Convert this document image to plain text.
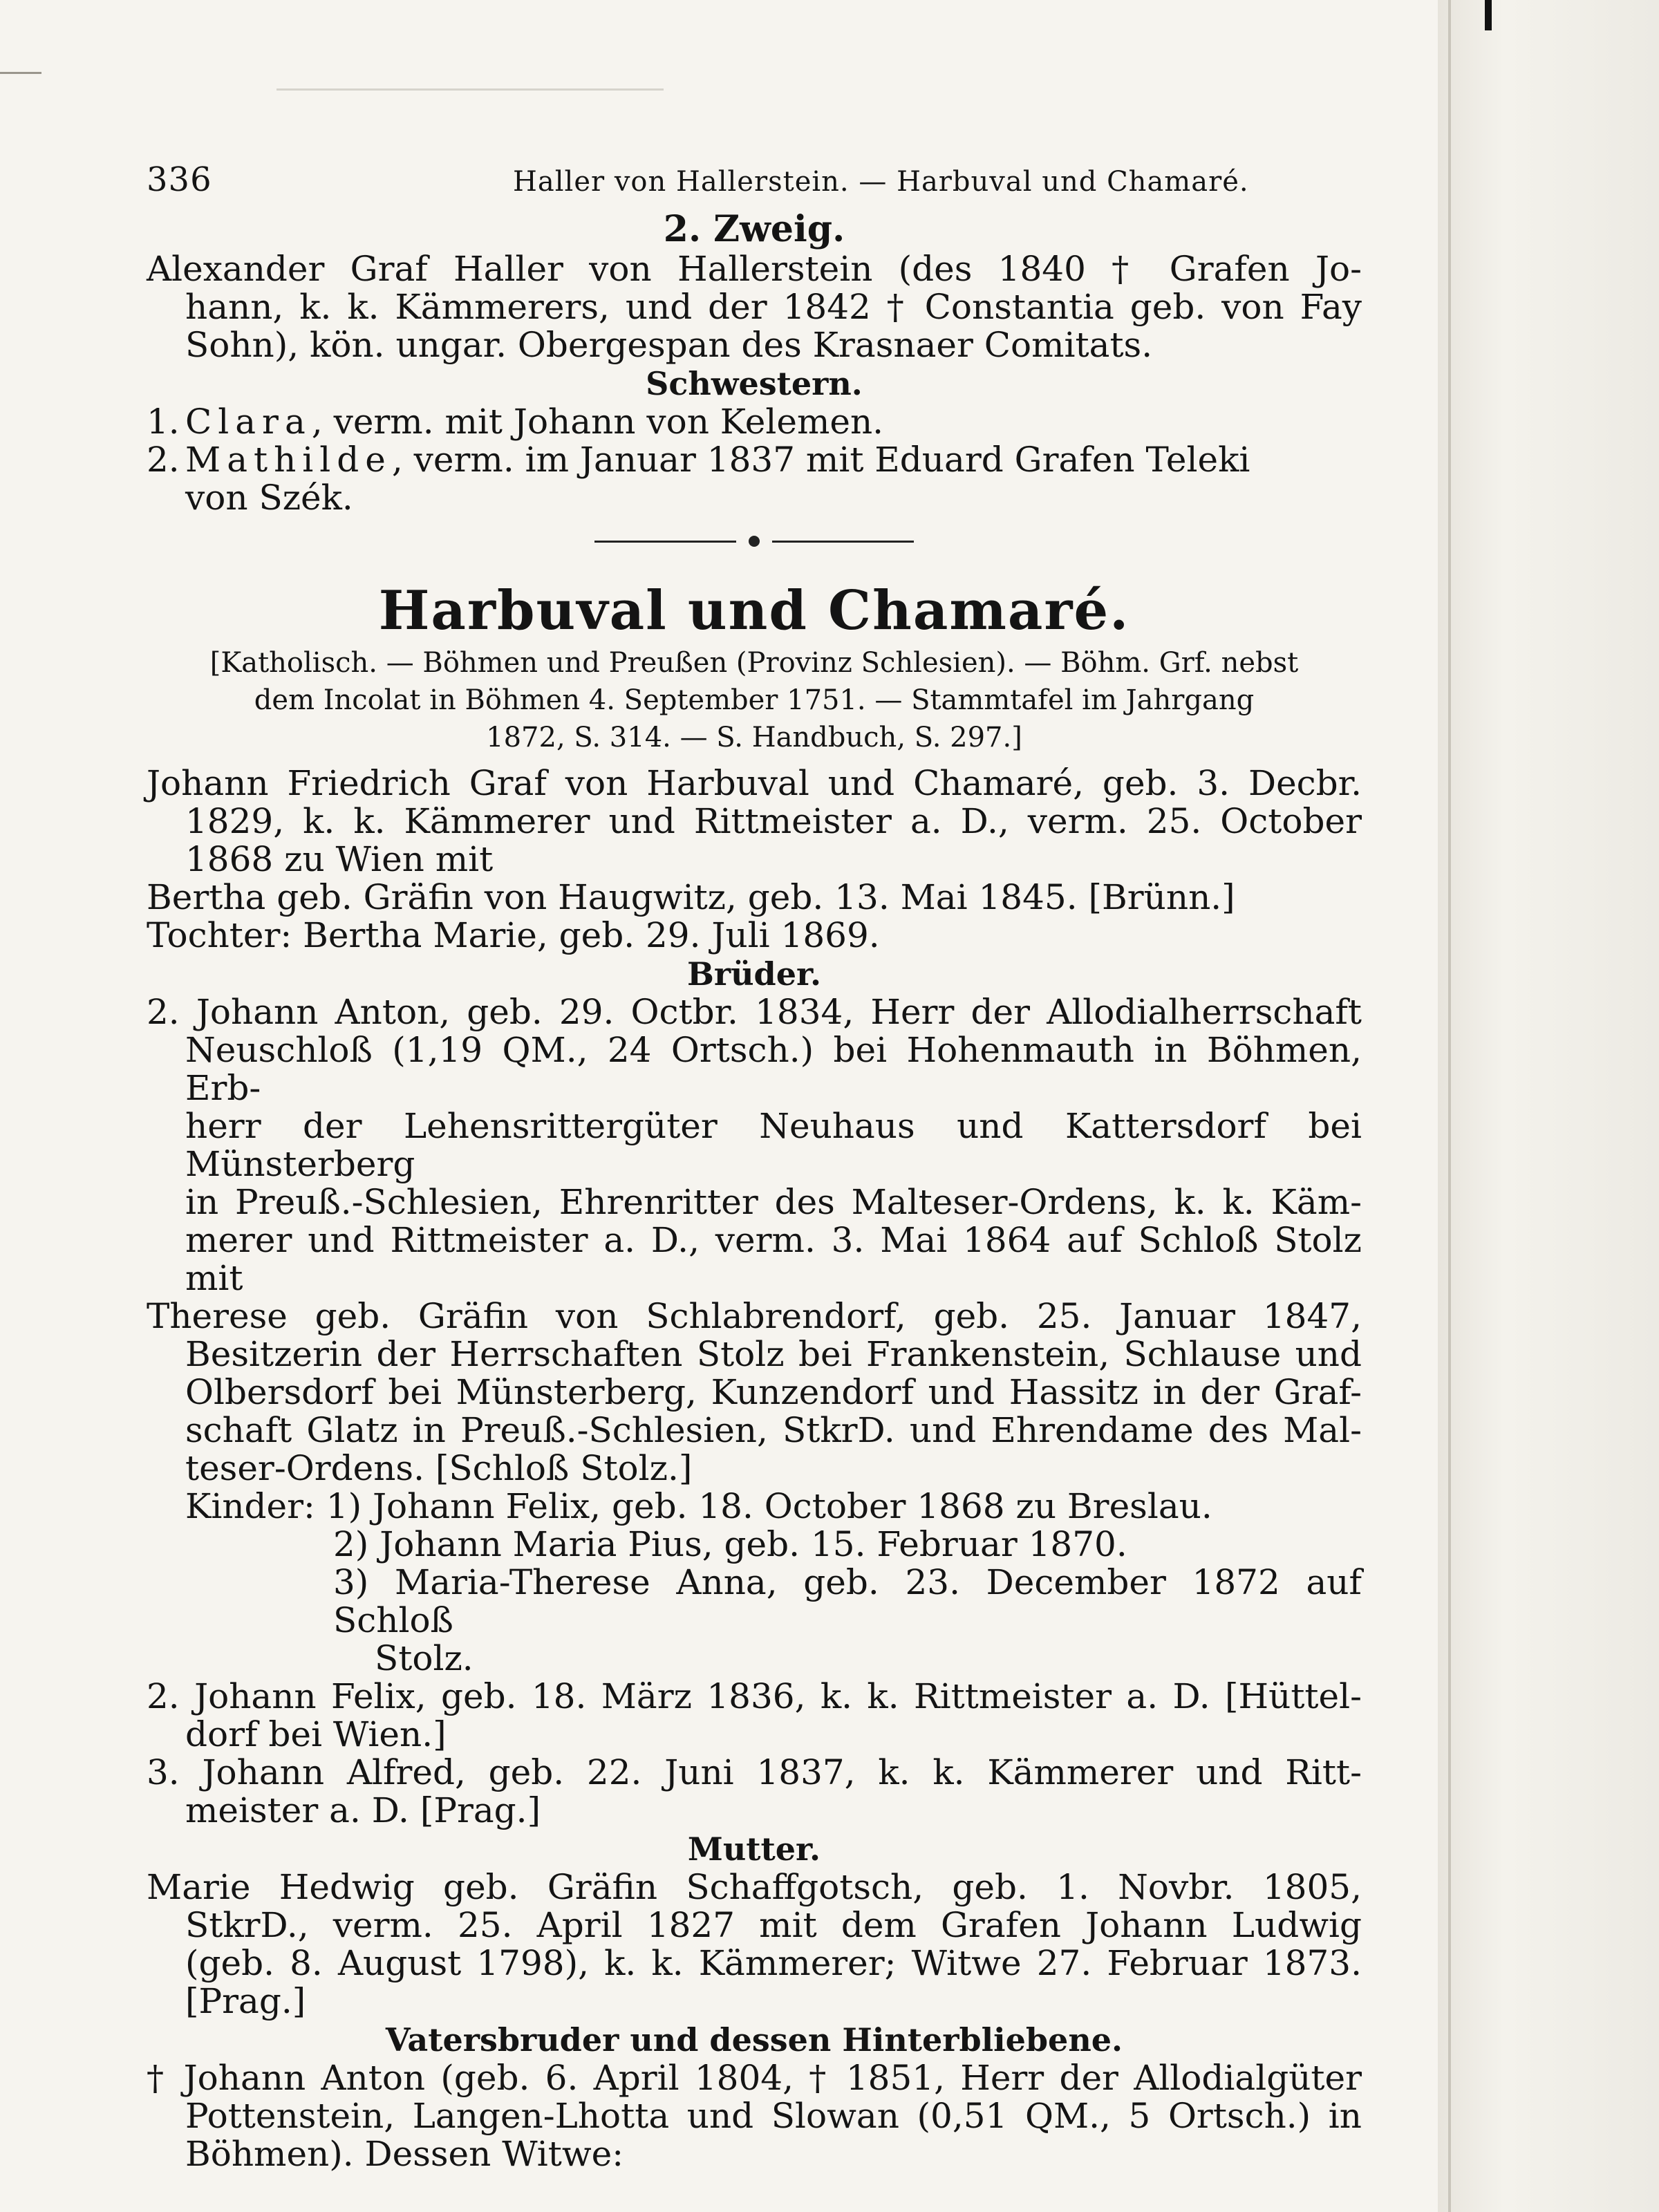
336	Haller von Hallerstein. — Harbuval und Chamaré.
2. Zweig.
Alexander Graf Haller von Hallerstein (des 1840 † Grafen Jo-
hann, k. k. Kämmerers, und der 1842 † Constantia geb. von Fay
Sohn), kön. ungar. Obergespan des Krasnaer Comitats.
Schwestern.
1. Clara, verm. mit Johann von Kelemen.
2. Mathilde, verm. im Januar 1837 mit Eduard Grafen Teleki
von Szék.
Harbuval und Chamaré.
[Katholisch. — Böhmen und Preußen (Provinz Schlesien). — Böhm. Grf. nebst
dem Incolat in Böhmen 4. September 1751. — Stammtafel im Jahrgang
1872, S. 314. — S. Handbuch, S. 297.]
Johann Friedrich Graf von Harbuval und Chamaré, geb. 3. Decbr.
1829, k. k. Kämmerer und Rittmeister a. D., verm. 25. October
1868 zu Wien mit
Bertha geb. Gräfin von Haugwitz, geb. 13. Mai 1845. [Brünn.]
Tochter: Bertha Marie, geb. 29. Juli 1869.
Brüder.
2. Johann Anton, geb. 29. Octbr. 1834, Herr der Allodialherrschaft
Neuschloß (1,19 QM., 24 Ortsch.) bei Hohenmauth in Böhmen, Erb-
herr der Lehensrittergüter Neuhaus und Kattersdorf bei Münsterberg
in Preuß.-Schlesien, Ehrenritter des Malteser-Ordens, k. k. Käm-
merer und Rittmeister a. D., verm. 3. Mai 1864 auf Schloß Stolz
mit
Therese geb. Gräfin von Schlabrendorf, geb. 25. Januar 1847,
Besitzerin der Herrschaften Stolz bei Frankenstein, Schlause und
Olbersdorf bei Münsterberg, Kunzendorf und Hassitz in der Graf-
schaft Glatz in Preuß.-Schlesien, StkrD. und Ehrendame des Mal-
teser-Ordens. [Schloß Stolz.]
Kinder: 1) Johann Felix, geb. 18. October 1868 zu Breslau.
2) Johann Maria Pius, geb. 15. Februar 1870.
3) Maria-Therese Anna, geb. 23. December 1872 auf Schloß
Stolz.
2. Johann Felix, geb. 18. März 1836, k. k. Rittmeister a. D. [Hüttel-
dorf bei Wien.]
3. Johann Alfred, geb. 22. Juni 1837, k. k. Kämmerer und Ritt-
meister a. D. [Prag.]
Mutter.
Marie Hedwig geb. Gräfin Schaffgotsch, geb. 1. Novbr. 1805,
StkrD., verm. 25. April 1827 mit dem Grafen Johann Ludwig
(geb. 8. August 1798), k. k. Kämmerer; Witwe 27. Februar 1873.
[Prag.]
Vatersbruder und dessen Hinterbliebene.
† Johann Anton (geb. 6. April 1804, † 1851, Herr der Allodialgüter
Pottenstein, Langen-Lhotta und Slowan (0,51 QM., 5 Ortsch.) in
Böhmen). Dessen Witwe:
